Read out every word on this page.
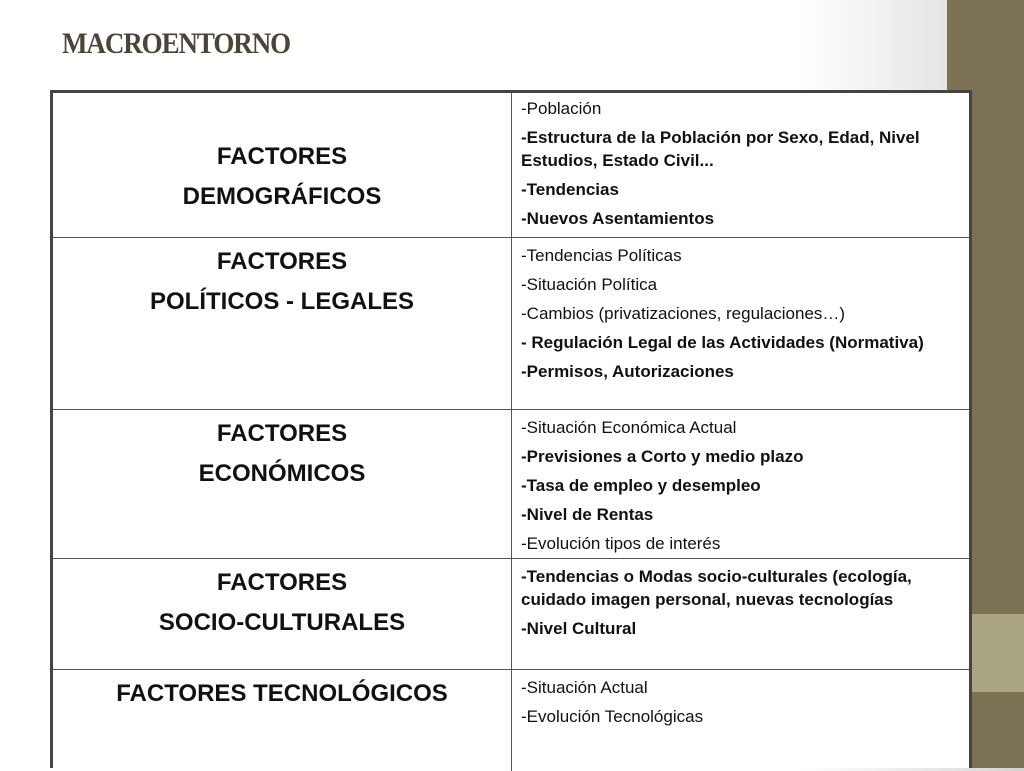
MACROENTORNO
FACTORES
DEMOGRÁFICOS
-Población
-Estructura de la Población por Sexo, Edad, Nivel Estudios, Estado Civil...
-Tendencias
-Nuevos Asentamientos
FACTORES
POLÍTICOS - LEGALES
-Tendencias Políticas
-Situación Política
-Cambios (privatizaciones, regulaciones…)
- Regulación Legal de las Actividades (Normativa)
-Permisos, Autorizaciones
FACTORES
ECONÓMICOS
-Situación Económica Actual
-Previsiones a Corto y medio plazo
-Tasa de empleo y desempleo
-Nivel de Rentas
-Evolución tipos de interés
FACTORES
SOCIO-CULTURALES
-Tendencias o Modas socio-culturales (ecología, cuidado imagen personal, nuevas tecnologías
-Nivel Cultural
FACTORES TECNOLÓGICOS	-Situación Actual
-Evolución Tecnológicas
